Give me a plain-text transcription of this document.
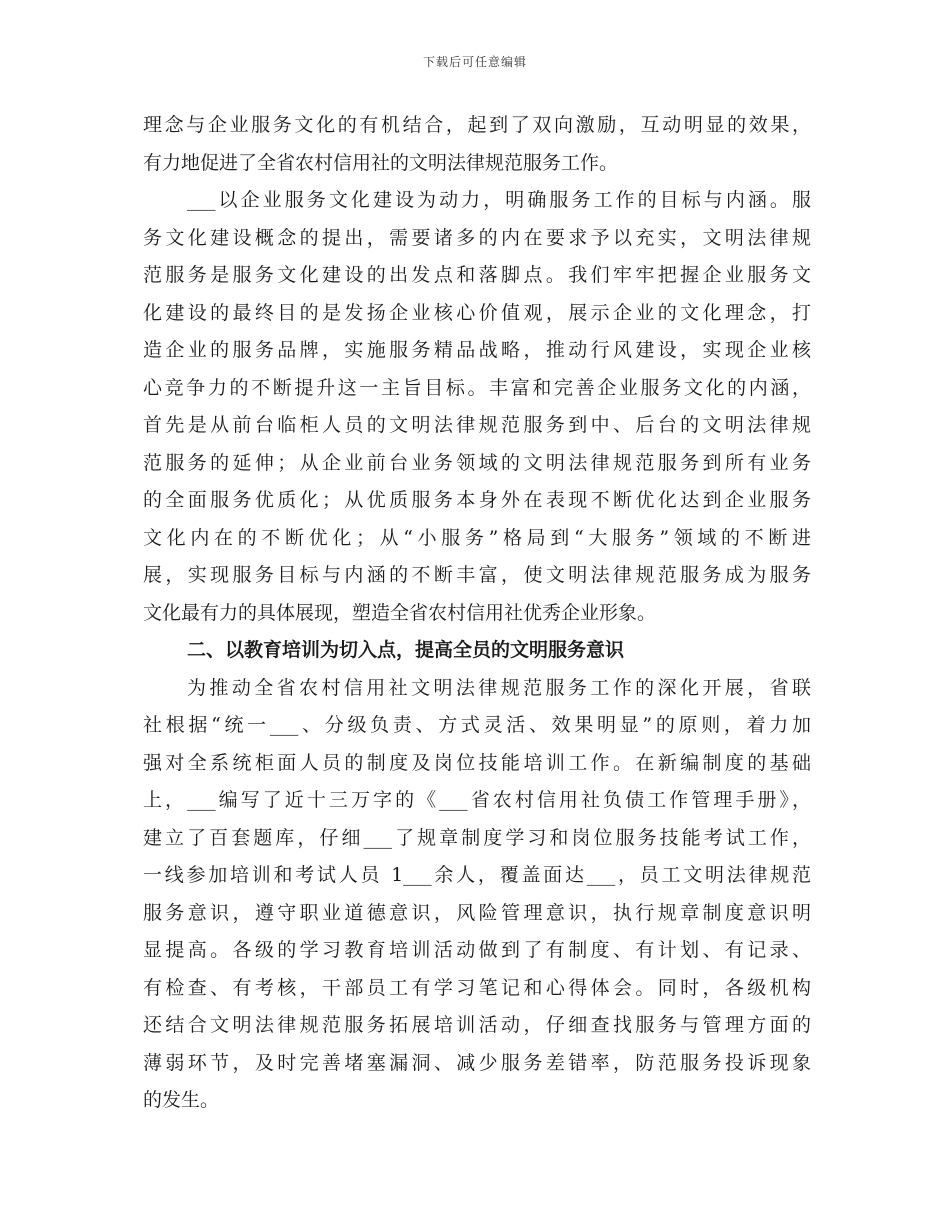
下载后可任意编辑
理念与企业服务文化的有机结合，起到了双向激励，互动明显的效果，
有力地促进了全省农村信用社的文明法律规范服务工作。
___以企业服务文化建设为动力，明确服务工作的目标与内涵。服
务文化建设概念的提出，需要诸多的内在要求予以充实，文明法律规
范服务是服务文化建设的出发点和落脚点。我们牢牢把握企业服务文
化建设的最终目的是发扬企业核心价值观，展示企业的文化理念，打
造企业的服务品牌，实施服务精品战略，推动行风建设，实现企业核
心竞争力的不断提升这一主旨目标。丰富和完善企业服务文化的内涵，
首先是从前台临柜人员的文明法律规范服务到中、后台的文明法律规
范服务的延伸；从企业前台业务领域的文明法律规范服务到所有业务
的全面服务优质化；从优质服务本身外在表现不断优化达到企业服务
文化内在的不断优化；从“小服务”格局到“大服务”领域的不断进
展，实现服务目标与内涵的不断丰富，使文明法律规范服务成为服务
文化最有力的具体展现，塑造全省农村信用社优秀企业形象。
二、以教育培训为切入点，提高全员的文明服务意识
为推动全省农村信用社文明法律规范服务工作的深化开展，省联
社根据“统一___、分级负责、方式灵活、效果明显”的原则，着力加
强对全系统柜面人员的制度及岗位技能培训工作。在新编制度的基础
上，___编写了近十三万字的《___省农村信用社负债工作管理手册》，
建立了百套题库，仔细___了规章制度学习和岗位服务技能考试工作，
一线参加培训和考试人员 1___余人，覆盖面达___，员工文明法律规范
服务意识，遵守职业道德意识，风险管理意识，执行规章制度意识明
显提高。各级的学习教育培训活动做到了有制度、有计划、有记录、
有检查、有考核，干部员工有学习笔记和心得体会。同时，各级机构
还结合文明法律规范服务拓展培训活动，仔细查找服务与管理方面的
薄弱环节，及时完善堵塞漏洞、减少服务差错率，防范服务投诉现象
的发生。
